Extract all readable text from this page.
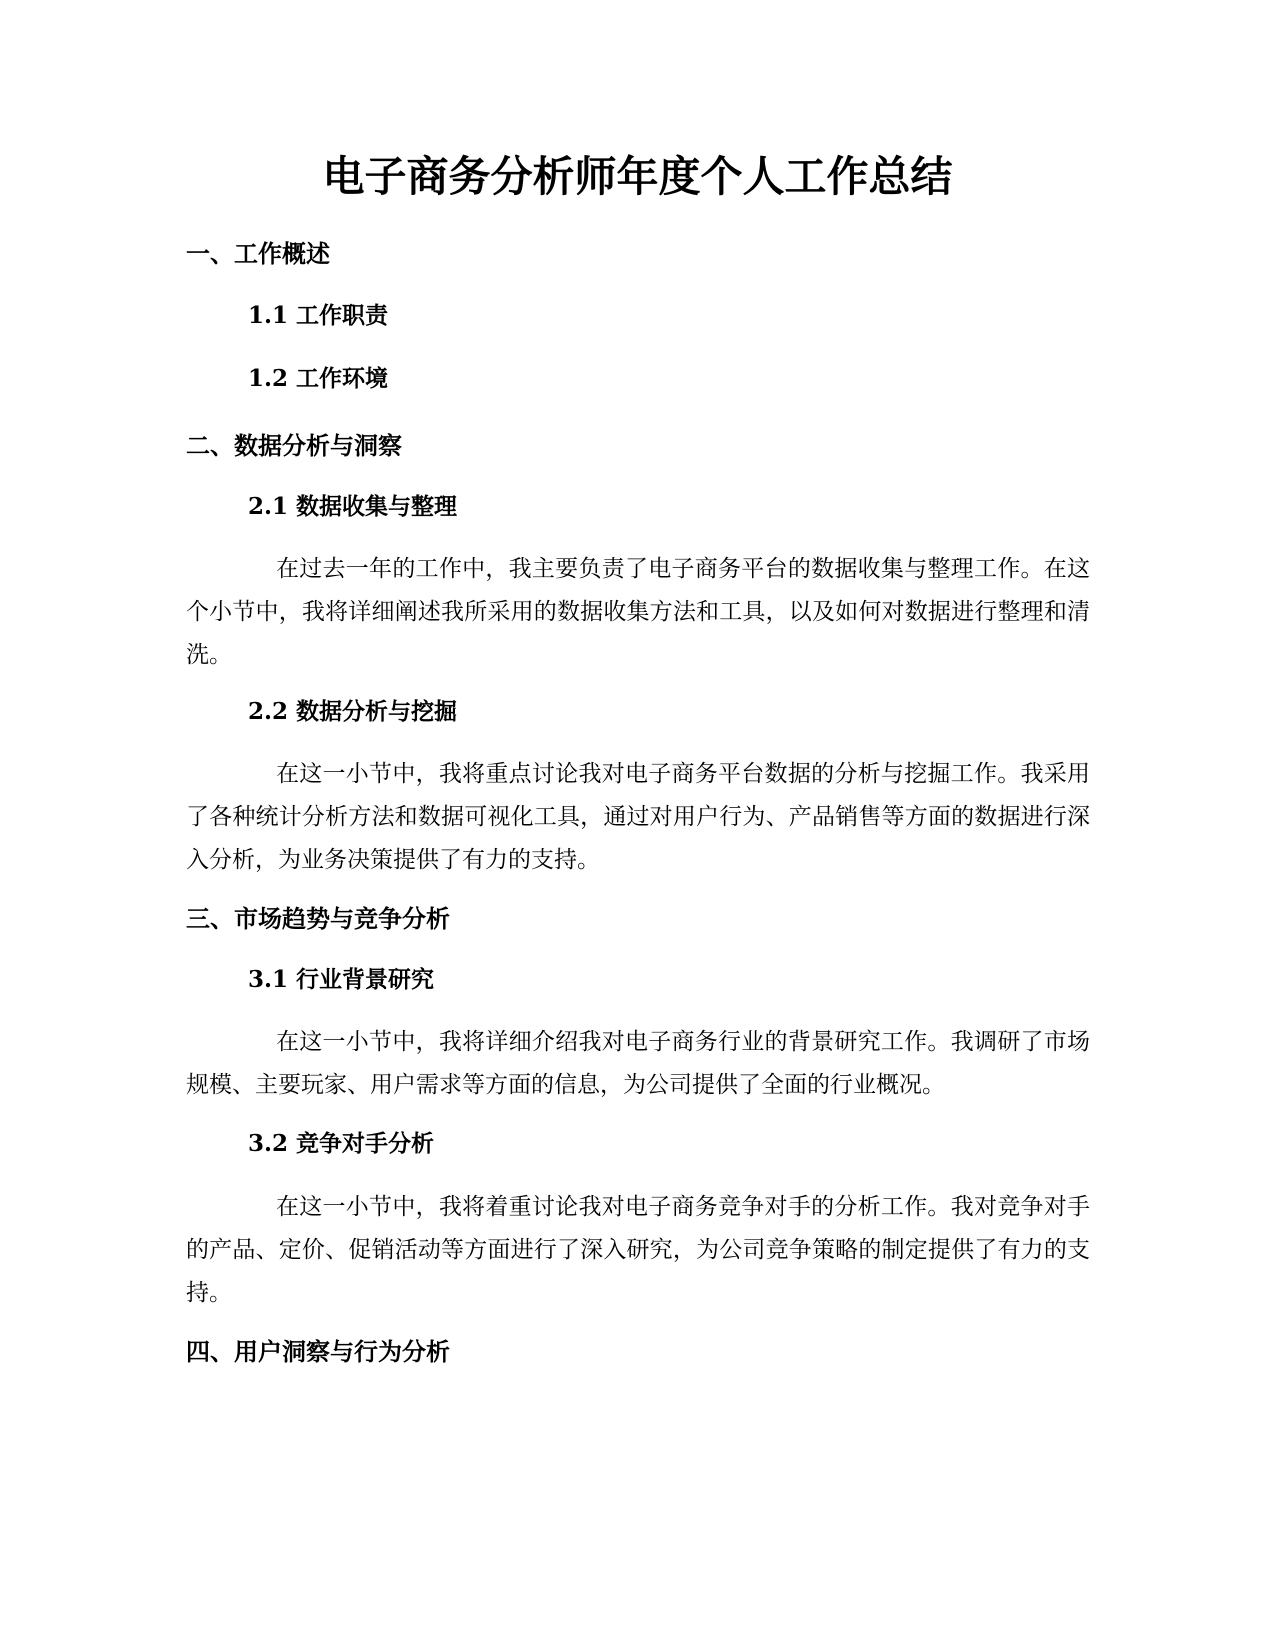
电子商务分析师年度个人工作总结
一、工作概述
1.1 工作职责
1.2 工作环境
二、数据分析与洞察
2.1 数据收集与整理

在过去一年的工作中，我主要负责了电子商务平台的数据收集与整理工作。在这个小节中，我将详细阐述我所采用的数据收集方法和工具，以及如何对数据进行整理和清洗。

2.2 数据分析与挖掘

在这一小节中，我将重点讨论我对电子商务平台数据的分析与挖掘工作。我采用了各种统计分析方法和数据可视化工具，通过对用户行为、产品销售等方面的数据进行深入分析，为业务决策提供了有力的支持。

三、市场趋势与竞争分析
3.1 行业背景研究

在这一小节中，我将详细介绍我对电子商务行业的背景研究工作。我调研了市场规模、主要玩家、用户需求等方面的信息，为公司提供了全面的行业概况。

3.2 竞争对手分析

在这一小节中，我将着重讨论我对电子商务竞争对手的分析工作。我对竞争对手的产品、定价、促销活动等方面进行了深入研究，为公司竞争策略的制定提供了有力的支持。

四、用户洞察与行为分析
